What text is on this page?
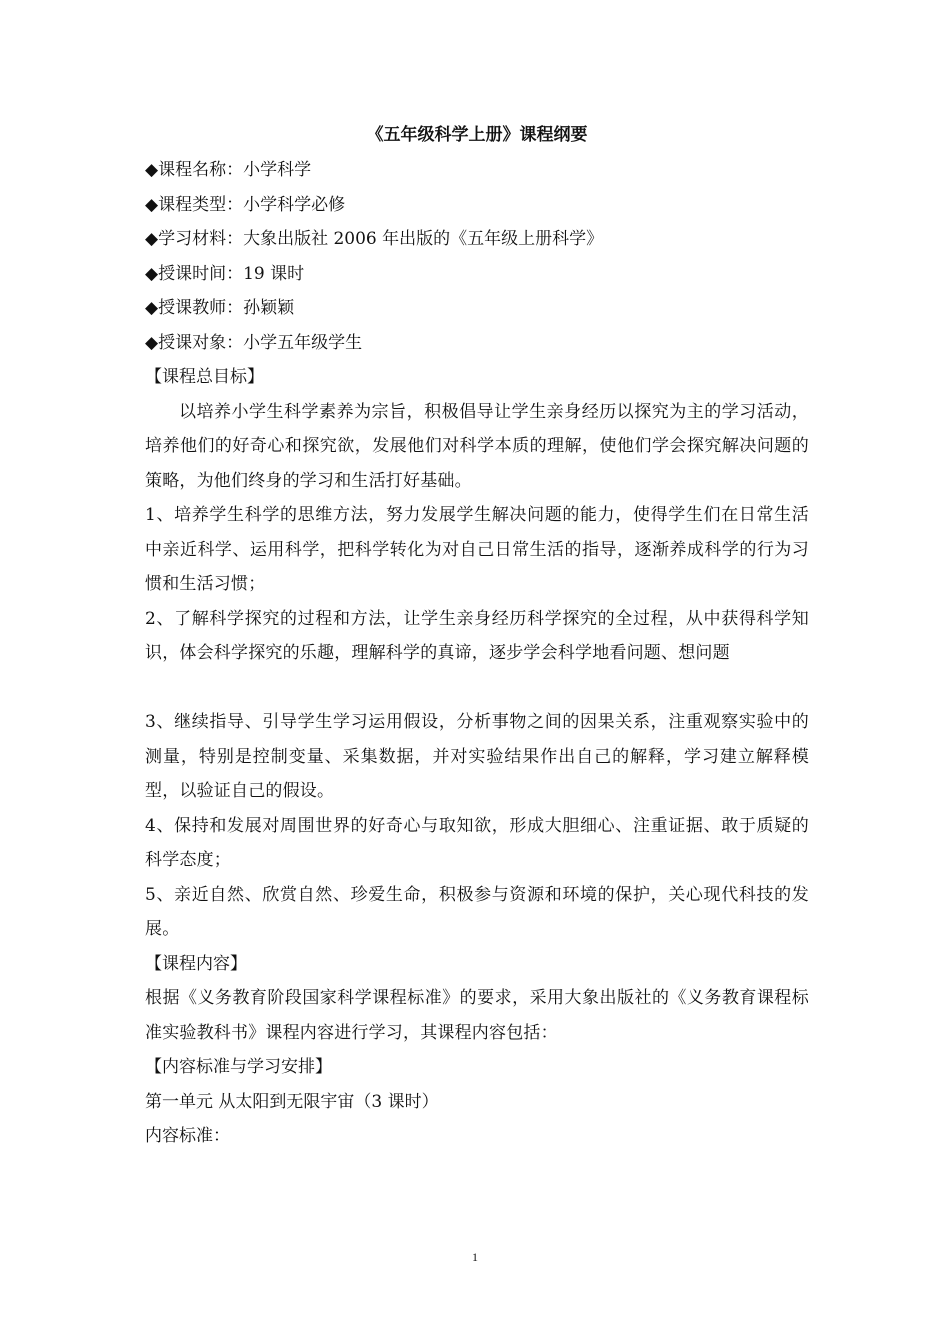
《五年级科学上册》课程纲要

◆课程名称：小学科学

◆课程类型：小学科学必修

◆学习材料：大象出版社 2006 年出版的《五年级上册科学》

◆授课时间：19 课时

◆授课教师：孙颖颖

◆授课对象：小学五年级学生

【课程总目标】

以培养小学生科学素养为宗旨，积极倡导让学生亲身经历以探究为主的学习活动，培养他们的好奇心和探究欲，发展他们对科学本质的理解，使他们学会探究解决问题的策略，为他们终身的学习和生活打好基础。

1、培养学生科学的思维方法，努力发展学生解决问题的能力，使得学生们在日常生活中亲近科学、运用科学，把科学转化为对自己日常生活的指导，逐渐养成科学的行为习惯和生活习惯；

2、了解科学探究的过程和方法，让学生亲身经历科学探究的全过程，从中获得科学知识，体会科学探究的乐趣，理解科学的真谛，逐步学会科学地看问题、想问题

3、继续指导、引导学生学习运用假设，分析事物之间的因果关系，注重观察实验中的测量，特别是控制变量、采集数据，并对实验结果作出自己的解释，学习建立解释模型，以验证自己的假设。

4、保持和发展对周围世界的好奇心与取知欲，形成大胆细心、注重证据、敢于质疑的科学态度；

5、亲近自然、欣赏自然、珍爱生命，积极参与资源和环境的保护，关心现代科技的发展。

【课程内容】

根据《义务教育阶段国家科学课程标准》的要求，采用大象出版社的《义务教育课程标准实验教科书》课程内容进行学习，其课程内容包括：

【内容标准与学习安排】

第一单元 从太阳到无限宇宙（3 课时）

内容标准：

1
